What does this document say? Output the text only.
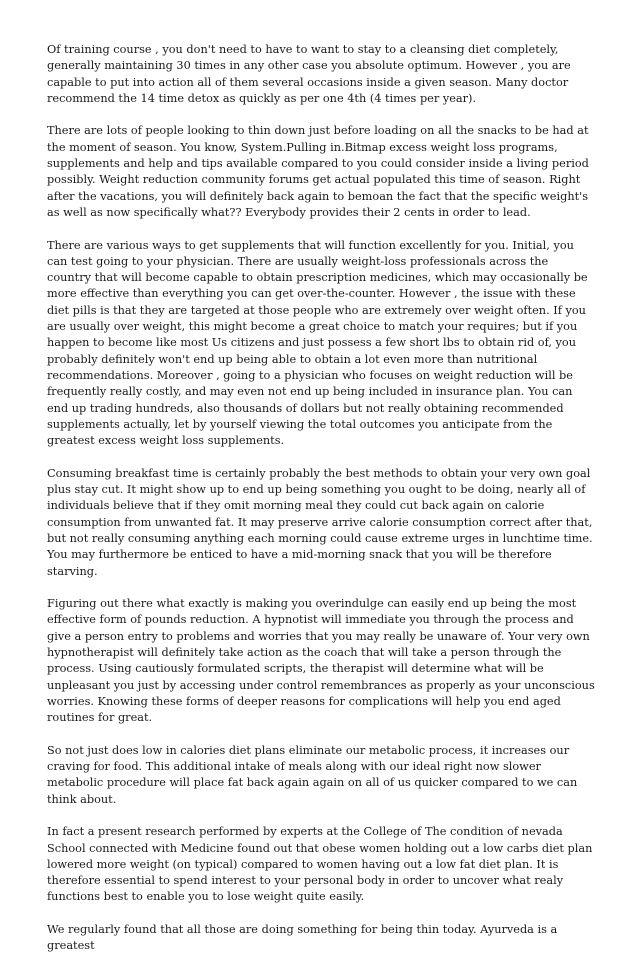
Of training course , you don't need to have to want to stay to a cleansing diet completely, generally maintaining 30 times in any other case you absolute optimum. However , you are capable to put into action all of them several occasions inside a given season. Many doctor recommend the 14 time detox as quickly as per one 4th (4 times per year).

There are lots of people looking to thin down just before loading on all the snacks to be had at the moment of season. You know, System.Pulling in.Bitmap excess weight loss programs, supplements and help and tips available compared to you could consider inside a living period possibly. Weight reduction community forums get actual populated this time of season. Right after the vacations, you will definitely back again to bemoan the fact that the specific weight's as well as now specifically what?? Everybody provides their 2 cents in order to lead.

There are various ways to get supplements that will function excellently for you. Initial, you can test going to your physician. There are usually weight-loss professionals across the country that will become capable to obtain prescription medicines, which may occasionally be more effective than everything you can get over-the-counter. However , the issue with these diet pills is that they are targeted at those people who are extremely over weight often. If you are usually over weight, this might become a great choice to match your requires; but if you happen to become like most Us citizens and just possess a few short lbs to obtain rid of, you probably definitely won't end up being able to obtain a lot even more than nutritional recommendations. Moreover , going to a physician who focuses on weight reduction will be frequently really costly, and may even not end up being included in insurance plan. You can end up trading hundreds, also thousands of dollars but not really obtaining recommended supplements actually, let by yourself viewing the total outcomes you anticipate from the greatest excess weight loss supplements.

Consuming breakfast time is certainly probably the best methods to obtain your very own goal plus stay cut. It might show up to end up being something you ought to be doing, nearly all of individuals believe that if they omit morning meal they could cut back again on calorie consumption from unwanted fat. It may preserve arrive calorie consumption correct after that, but not really consuming anything each morning could cause extreme urges in lunchtime time. You may furthermore be enticed to have a mid-morning snack that you will be therefore starving.

Figuring out there what exactly is making you overindulge can easily end up being the most effective form of pounds reduction. A hypnotist will immediate you through the process and give a person entry to problems and worries that you may really be unaware of. Your very own hypnotherapist will definitely take action as the coach that will take a person through the process. Using cautiously formulated scripts, the therapist will determine what will be unpleasant you just by accessing under control remembrances as properly as your unconscious worries. Knowing these forms of deeper reasons for complications will help you end aged routines for great.

So not just does low in calories diet plans eliminate our metabolic process, it increases our craving for food. This additional intake of meals along with our ideal right now slower metabolic procedure will place fat back again again on all of us quicker compared to we can think about.

In fact a present research performed by experts at the College of The condition of nevada School connected with Medicine found out that obese women holding out a low carbs diet plan lowered more weight (on typical) compared to women having out a low fat diet plan. It is therefore essential to spend interest to your personal body in order to uncover what realy functions best to enable you to lose weight quite easily.

We regularly found that all those are doing something for being thin today. Ayurveda is a greatest
